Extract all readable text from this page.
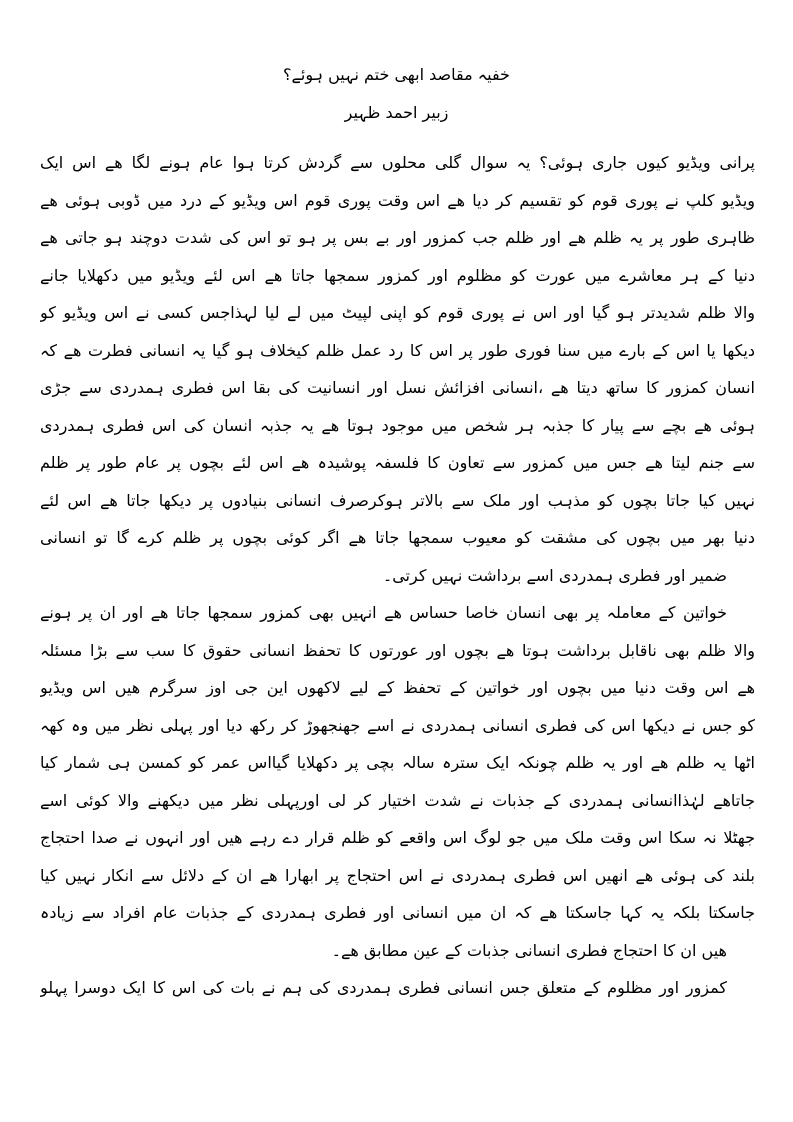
خفیہ مقاصد ابھی ختم نہیں ہوئے؟
زبیر احمد ظہیر
پرانی ویڈیو کیوں جاری ہوئی؟ یہ سوال گلی محلوں سے گردش کرتا ہوا عام ہونے لگا ھے اس ایک
ویڈیو کلپ نے پوری قوم کو تقسیم کر دیا ھے اس وقت پوری قوم اس ویڈیو کے درد میں ڈوبی ہوئی ھے
ظاہری طور پر یہ ظلم ھے اور ظلم جب کمزور اور بے بس پر ہو تو اس کی شدت دوچند ہو جاتی ھے
دنیا کے ہر معاشرے میں عورت کو مظلوم اور کمزور سمجھا جاتا ھے اس لئے ویڈیو میں دکھلایا جانے
والا ظلم شدیدتر ہو گیا اور اس نے پوری قوم کو اپنی لپیٹ میں لے لیا لہذاجس کسی نے اس ویڈیو کو
دیکھا یا اس کے بارے میں سنا فوری طور پر اس کا رد عمل ظلم کیخلاف ہو گیا یہ انسانی فطرت ھے کہ
انسان کمزور کا ساتھ دیتا ھے ،انسانی افزائش نسل اور انسانیت کی بقا اس فطری ہمدردی سے جڑی
ہوئی ھے بچے سے پیار کا جذبہ ہر شخص میں موجود ہوتا ھے یہ جذبہ انسان کی اس فطری ہمدردی
سے جنم لیتا ھے جس میں کمزور سے تعاون کا فلسفہ پوشیدہ ھے اس لئے بچوں پر عام طور پر ظلم
نہیں کیا جاتا بچوں کو مذہب اور ملک سے بالاتر ہوکرصرف انسانی بنیادوں پر دیکھا جاتا ھے اس لئے
دنیا بھر میں بچوں کی مشقت کو معیوب سمجھا جاتا ھے اگر کوئی بچوں پر ظلم کرے گا تو انسانی
ضمیر اور فطری ہمدردی اسے برداشت نہیں کرتی۔
خواتین کے معاملہ پر بھی انسان خاصا حساس ھے انہیں بھی کمزور سمجھا جاتا ھے اور ان پر ہونے
والا ظلم بھی ناقابل برداشت ہوتا ھے بچوں اور عورتوں کا تحفظ انسانی حقوق کا سب سے بڑا مسئلہ
ھے اس وقت دنیا میں بچوں اور خواتین کے تحفظ کے لیے لاکھوں این جی اوز سرگرم ھیں اس ویڈیو
کو جس نے دیکھا اس کی فطری انسانی ہمدردی نے اسے جھنجھوڑ کر رکھ دیا اور پہلی نظر میں وہ کھہ
اٹھا یہ ظلم ھے اور یہ ظلم چونکہ ایک سترہ سالہ بچی پر دکھلایا گیااس عمر کو کمسن ہی شمار کیا
جاتاھے لہٰذاانسانی ہمدردی کے جذبات نے شدت اختیار کر لی اورپہلی نظر میں دیکھنے والا کوئی اسے
جھٹلا نہ سکا اس وقت ملک میں جو لوگ اس واقعے کو ظلم قرار دے رہے ھیں اور انہوں نے صدا احتجاج
بلند کی ہوئی ھے انھیں اس فطری ہمدردی نے اس احتجاج پر ابھارا ھے ان کے دلائل سے انکار نہیں کیا
جاسکتا بلکہ یہ کہا جاسکتا ھے کہ ان میں انسانی اور فطری ہمدردی کے جذبات عام افراد سے زیادہ
ھیں ان کا احتجاج فطری انسانی جذبات کے عین مطابق ھے۔
کمزور اور مظلوم کے متعلق جس انسانی فطری ہمدردی کی ہم نے بات کی اس کا ایک دوسرا پہلو
